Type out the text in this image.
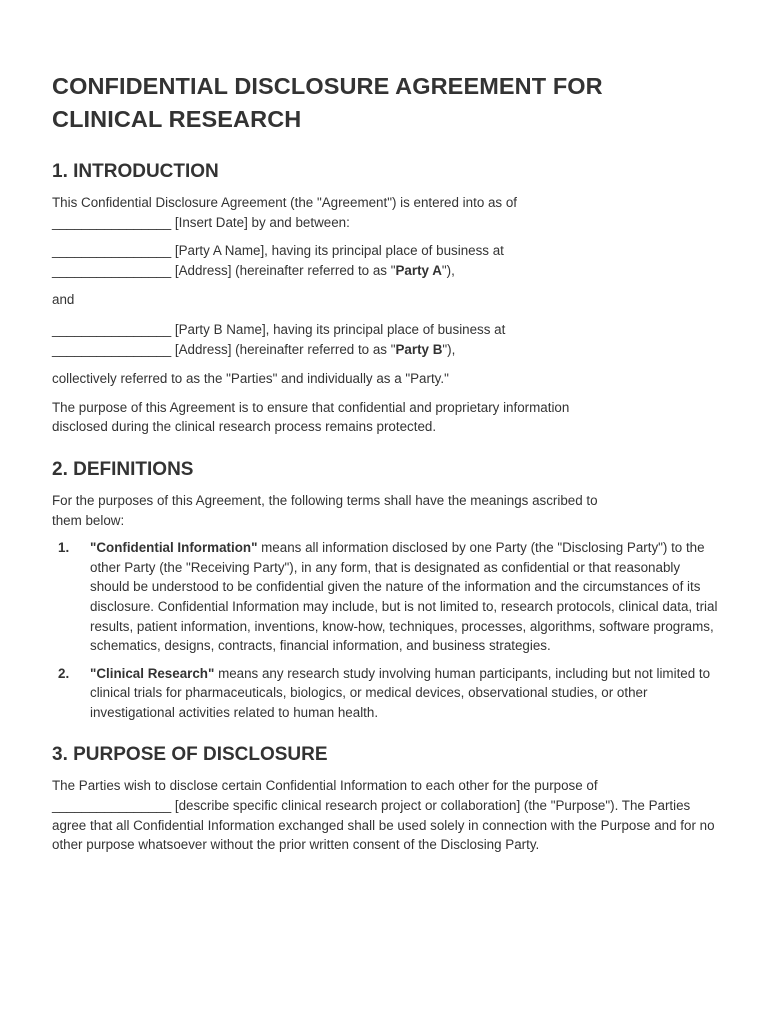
CONFIDENTIAL DISCLOSURE AGREEMENT FOR
CLINICAL RESEARCH
1. INTRODUCTION

This Confidential Disclosure Agreement (the "Agreement") is entered into as of
________________ [Insert Date] by and between:

________________ [Party A Name], having its principal place of business at
________________ [Address] (hereinafter referred to as "Party A"),

and

________________ [Party B Name], having its principal place of business at
________________ [Address] (hereinafter referred to as "Party B"),

collectively referred to as the "Parties" and individually as a "Party."

The purpose of this Agreement is to ensure that confidential and proprietary information
disclosed during the clinical research process remains protected.

2. DEFINITIONS

For the purposes of this Agreement, the following terms shall have the meanings ascribed to
them below:

1.	"Confidential Information" means all information disclosed by one Party (the "Disclosing Party") to the other Party (the "Receiving Party"), in any form, that is designated as confidential or that reasonably should be understood to be confidential given the nature of the information and the circumstances of its disclosure. Confidential Information may include, but is not limited to, research protocols, clinical data, trial results, patient information, inventions, know-how, techniques, processes, algorithms, software programs, schematics, designs, contracts, financial information, and business strategies.
2.	"Clinical Research" means any research study involving human participants, including but not limited to clinical trials for pharmaceuticals, biologics, or medical devices, observational studies, or other investigational activities related to human health.
3. PURPOSE OF DISCLOSURE

The Parties wish to disclose certain Confidential Information to each other for the purpose of
________________ [describe specific clinical research project or collaboration] (the "Purpose"). The Parties agree that all Confidential Information exchanged shall be used solely in connection with the Purpose and for no other purpose whatsoever without the prior written consent of the Disclosing Party.
